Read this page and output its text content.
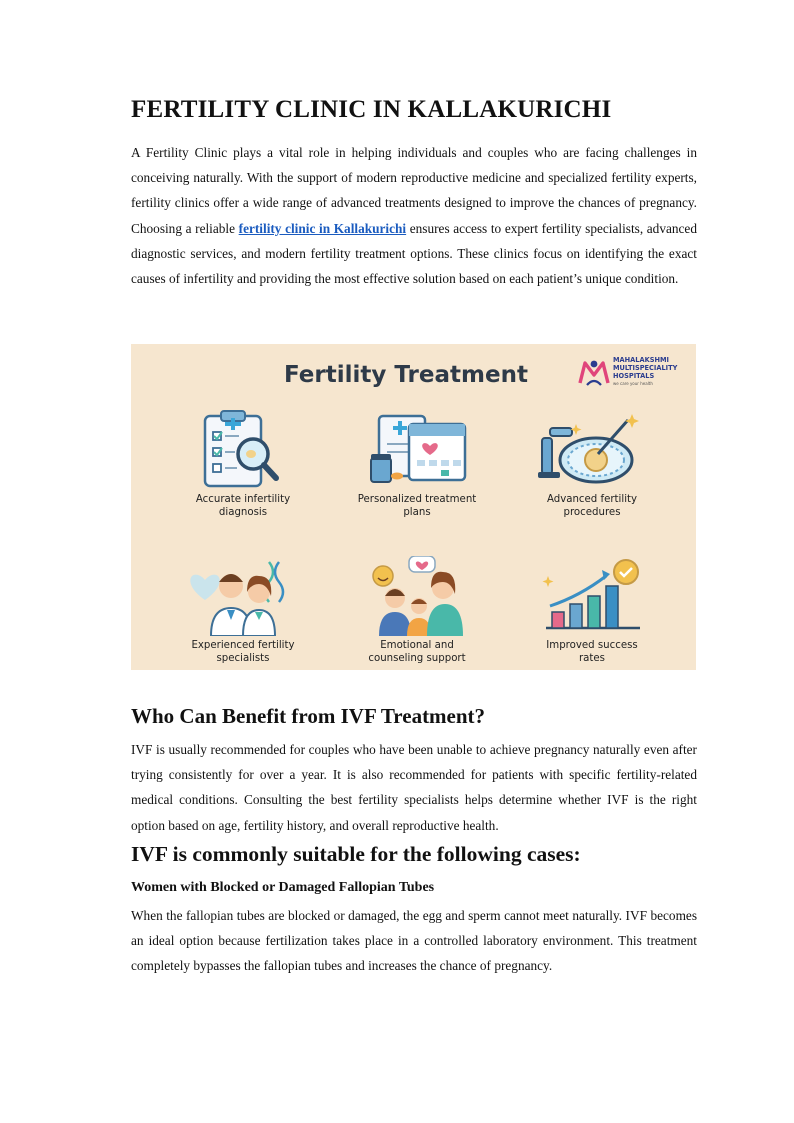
FERTILITY CLINIC IN KALLAKURICHI

A Fertility Clinic plays a vital role in helping individuals and couples who are facing challenges in conceiving naturally. With the support of modern reproductive medicine and specialized fertility experts, fertility clinics offer a wide range of advanced treatments designed to improve the chances of pregnancy. Choosing a reliable fertility clinic in Kallakurichi ensures access to expert fertility specialists, advanced diagnostic services, and modern fertility treatment options. These clinics focus on identifying the exact causes of infertility and providing the most effective solution based on each patient’s unique condition.

Fertility Treatment
MAHALAKSHMI MULTISPECIALITY HOSPITALS
we care your health
Accurate infertility
diagnosis
Personalized treatment
plans
Advanced fertility
procedures
Experienced fertility
specialists
Emotional and
counseling support
Improved success
rates
Who Can Benefit from IVF Treatment?

IVF is usually recommended for couples who have been unable to achieve pregnancy naturally even after trying consistently for over a year. It is also recommended for patients with specific fertility-related medical conditions. Consulting the best fertility specialists helps determine whether IVF is the right option based on age, fertility history, and overall reproductive health.

IVF is commonly suitable for the following cases:
Women with Blocked or Damaged Fallopian Tubes

When the fallopian tubes are blocked or damaged, the egg and sperm cannot meet naturally. IVF becomes an ideal option because fertilization takes place in a controlled laboratory environment. This treatment completely bypasses the fallopian tubes and increases the chance of pregnancy.
